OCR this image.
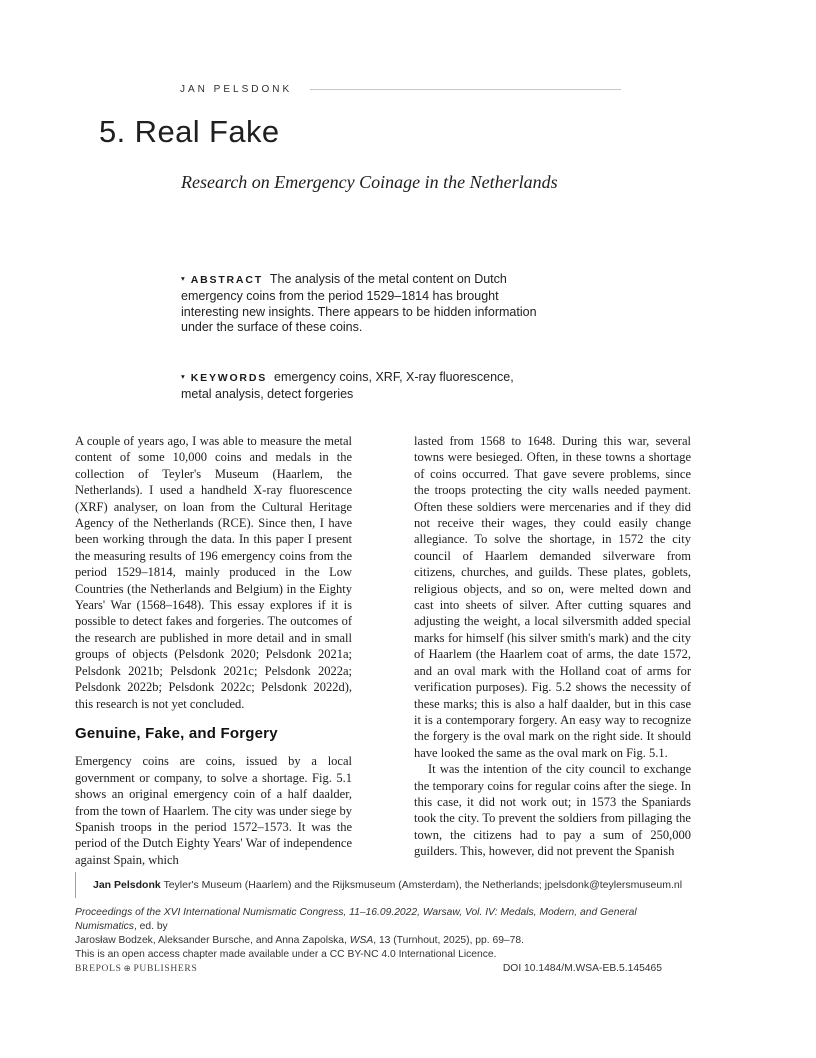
JAN PELSDONK
5. Real Fake
Research on Emergency Coinage in the Netherlands

▾ ABSTRACT The analysis of the metal content on Dutch emergency coins from the period 1529–1814 has brought interesting new insights. There appears to be hidden information under the surface of these coins.

▾ KEYWORDS emergency coins, XRF, X-ray fluorescence, metal analysis, detect forgeries

A couple of years ago, I was able to measure the metal content of some 10,000 coins and medals in the collection of Teyler's Museum (Haarlem, the Netherlands). I used a handheld X-ray fluorescence (XRF) analyser, on loan from the Cultural Heritage Agency of the Netherlands (RCE). Since then, I have been working through the data. In this paper I present the measuring results of 196 emergency coins from the period 1529–1814, mainly produced in the Low Countries (the Netherlands and Belgium) in the Eighty Years' War (1568–1648). This essay explores if it is possible to detect fakes and forgeries. The outcomes of the research are published in more detail and in small groups of objects (Pelsdonk 2020; Pelsdonk 2021a; Pelsdonk 2021b; Pelsdonk 2021c; Pelsdonk 2022a; Pelsdonk 2022b; Pelsdonk 2022c; Pelsdonk 2022d), this research is not yet concluded.

Genuine, Fake, and Forgery

Emergency coins are coins, issued by a local government or company, to solve a shortage. Fig. 5.1 shows an original emergency coin of a half daalder, from the town of Haarlem. The city was under siege by Spanish troops in the period 1572–1573. It was the period of the Dutch Eighty Years' War of independence against Spain, which

lasted from 1568 to 1648. During this war, several towns were besieged. Often, in these towns a shortage of coins occurred. That gave severe problems, since the troops protecting the city walls needed payment. Often these soldiers were mercenaries and if they did not receive their wages, they could easily change allegiance. To solve the shortage, in 1572 the city council of Haarlem demanded silverware from citizens, churches, and guilds. These plates, goblets, religious objects, and so on, were melted down and cast into sheets of silver. After cutting squares and adjusting the weight, a local silversmith added special marks for himself (his silver smith's mark) and the city of Haarlem (the Haarlem coat of arms, the date 1572, and an oval mark with the Holland coat of arms for verification purposes). Fig. 5.2 shows the necessity of these marks; this is also a half daalder, but in this case it is a contemporary forgery. An easy way to recognize the forgery is the oval mark on the right side. It should have looked the same as the oval mark on Fig. 5.1.

It was the intention of the city council to exchange the temporary coins for regular coins after the siege. In this case, it did not work out; in 1573 the Spaniards took the city. To prevent the soldiers from pillaging the town, the citizens had to pay a sum of 250,000 guilders. This, however, did not prevent the Spanish

Jan Pelsdonk Teyler's Museum (Haarlem) and the Rijksmuseum (Amsterdam), the Netherlands; jpelsdonk@teylersmuseum.nl

Proceedings of the XVI International Numismatic Congress, 11–16.09.2022, Warsaw, Vol. IV: Medals, Modern, and General Numismatics, ed. by

Jarosław Bodzek, Aleksander Bursche, and Anna Zapolska, WSA, 13 (Turnhout, 2025), pp. 69–78.

This is an open access chapter made available under a CC BY-NC 4.0 International Licence.

BREPOLS ⊕ PUBLISHERS	DOI 10.1484/M.WSA-EB.5.145465
